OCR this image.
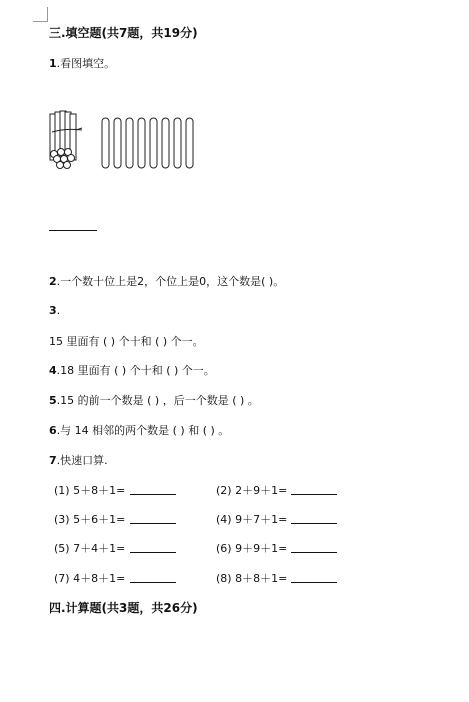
三.填空题(共7题，共19分)
1.看图填空。
2.一个数十位上是2，个位上是0，这个数是( )。
3.
15 里面有 ( ) 个十和 ( ) 个一。
4.18 里面有 ( ) 个十和 ( ) 个一。
5.15 的前一个数是 ( ) ，后一个数是 ( ) 。
6.与 14 相邻的两个数是 ( ) 和 ( ) 。
7.快速口算.
(1) 5＋8＋1=	(2) 2＋9＋1=
(3) 5＋6＋1=	(4) 9＋7＋1=
(5) 7＋4＋1=	(6) 9＋9＋1=
(7) 4＋8＋1=	(8) 8＋8＋1=
四.计算题(共3题，共26分)
